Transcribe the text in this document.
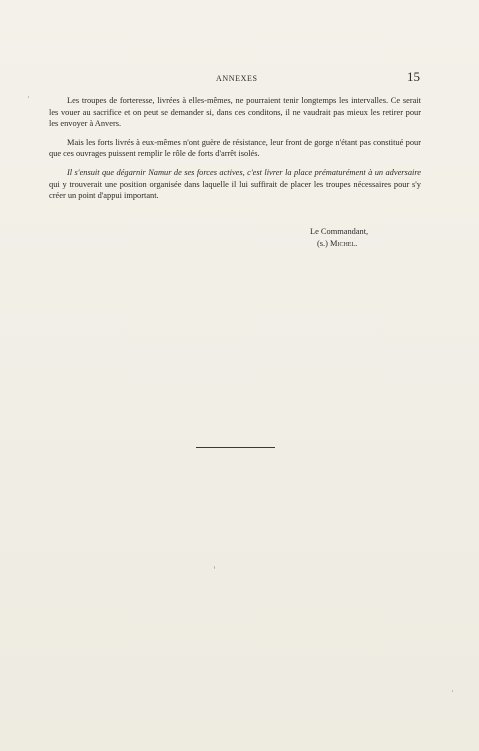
ANNEXES	15

Les troupes de forteresse, livrées à elles-mêmes, ne pourraient tenir longtemps les intervalles. Ce serait les vouer au sacrifice et on peut se demander si, dans ces conditons, il ne vaudrait pas mieux les retirer pour les envoyer à Anvers.

Mais les forts livrés à eux-mêmes n'ont guère de résistance, leur front de gorge n'étant pas constitué pour que ces ouvrages puissent remplir le rôle de forts d'arrêt isolés.

Il s'ensuit que dégarnir Namur de ses forces actives, c'est livrer la place prématurément à un adversaire qui y trouverait une position organisée dans laquelle il lui suffirait de placer les troupes nécessaires pour s'y créer un point d'appui important.

Le Commandant,
(s.) Michel.
